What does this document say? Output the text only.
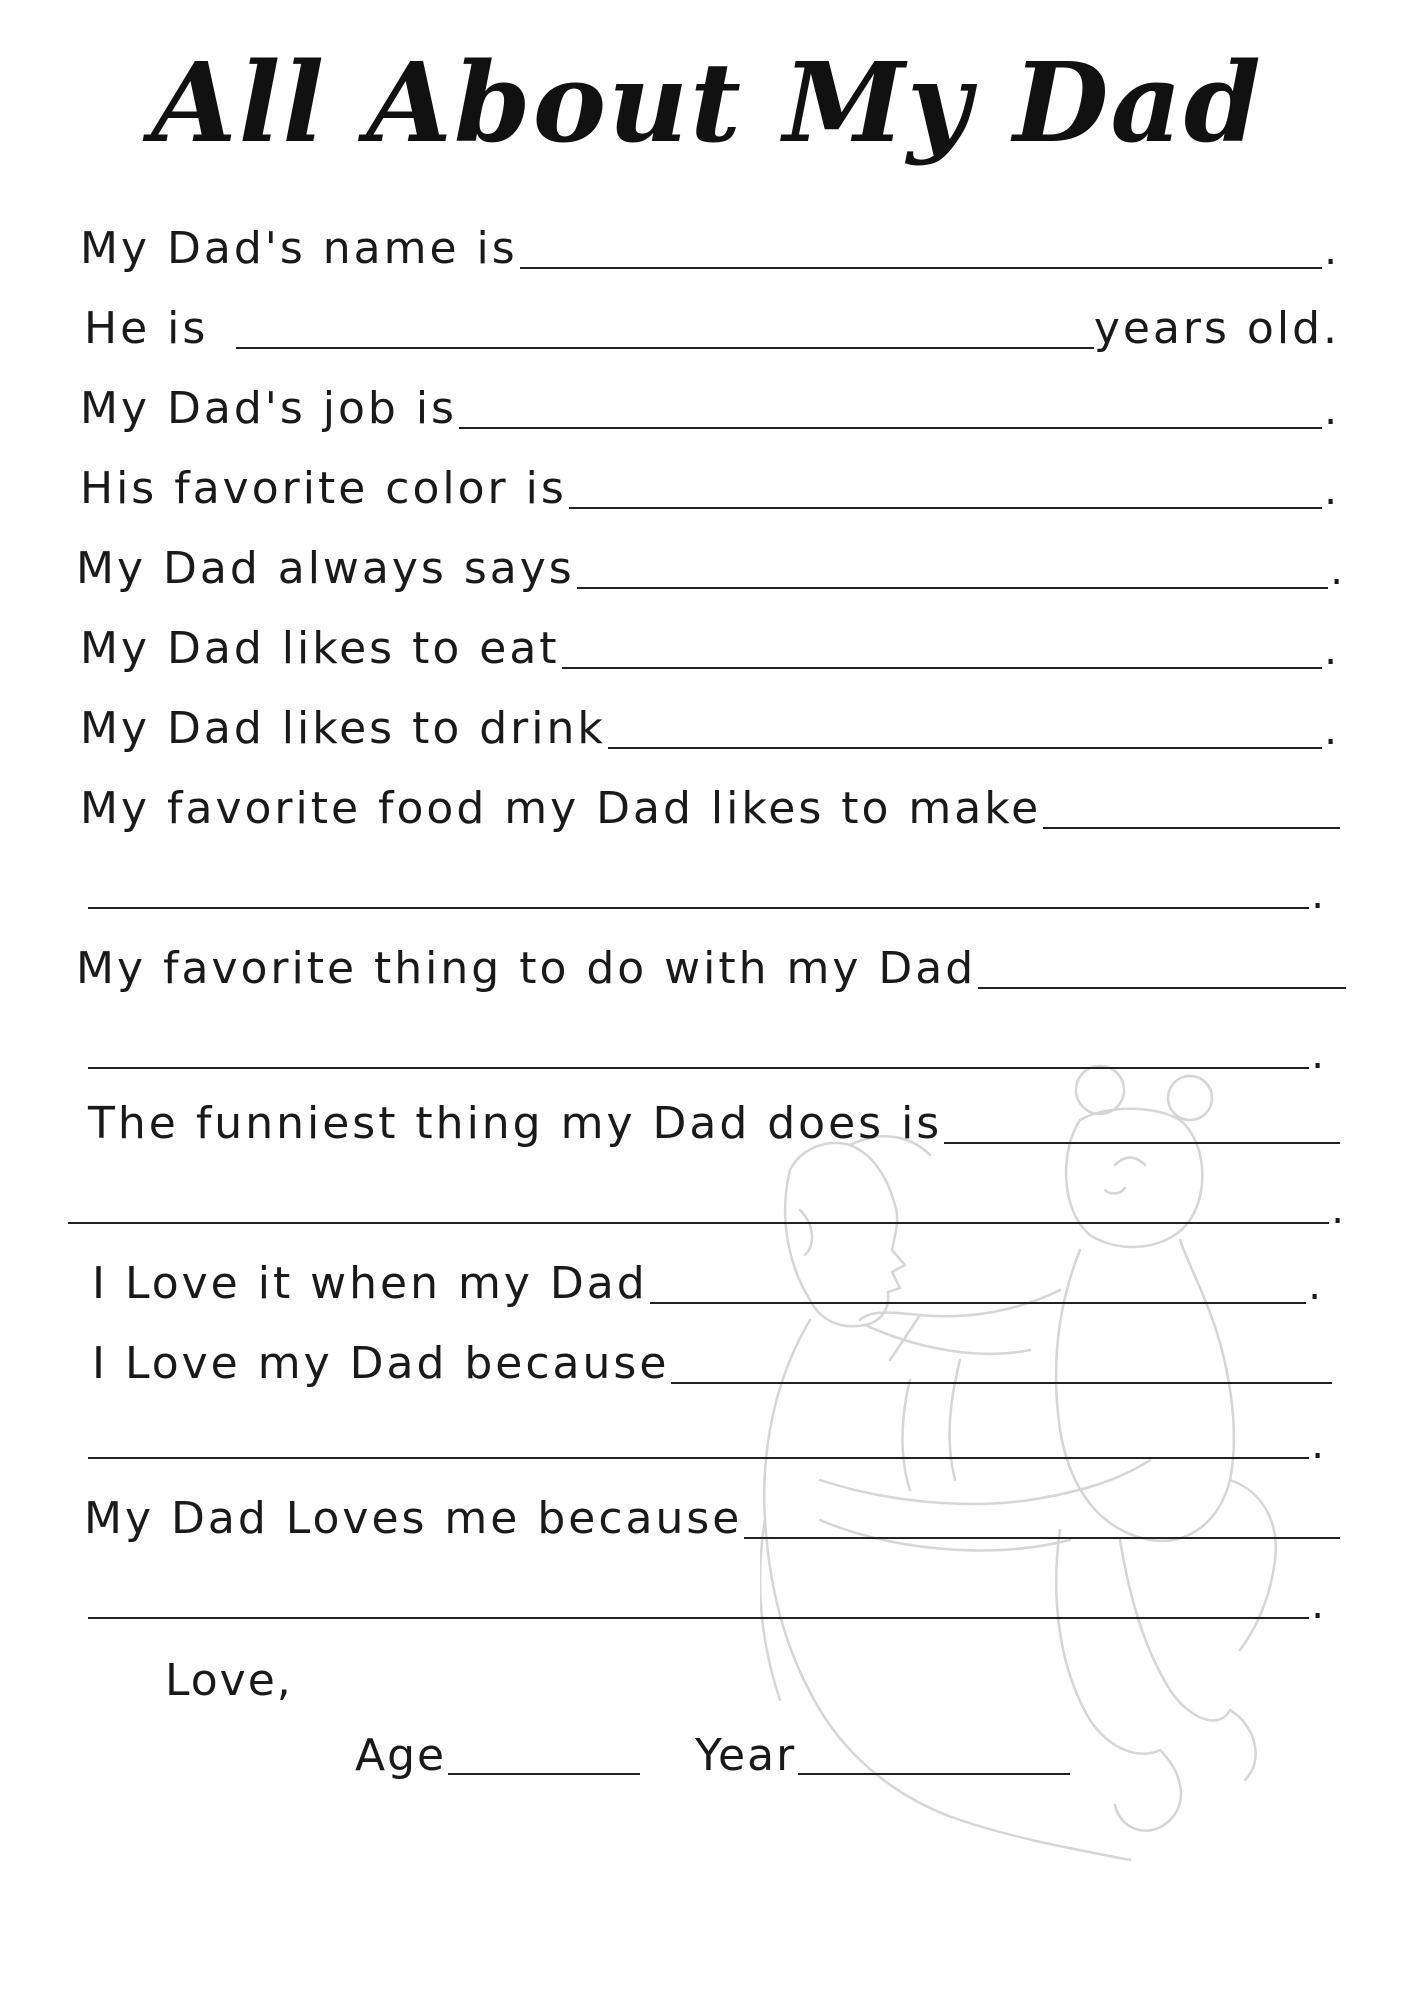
All About My Dad
My Dad's name is	.
He is	years old.
My Dad's job is	.
His favorite color is	.
My Dad always says	.
My Dad likes to eat	.
My Dad likes to drink	.
My favorite food my Dad likes to make
.
My favorite thing to do with my Dad
.
The funniest thing my Dad does is
.
I Love it when my Dad	.
I Love my Dad because
.
My Dad Loves me because
.
Love,
Age	Year
